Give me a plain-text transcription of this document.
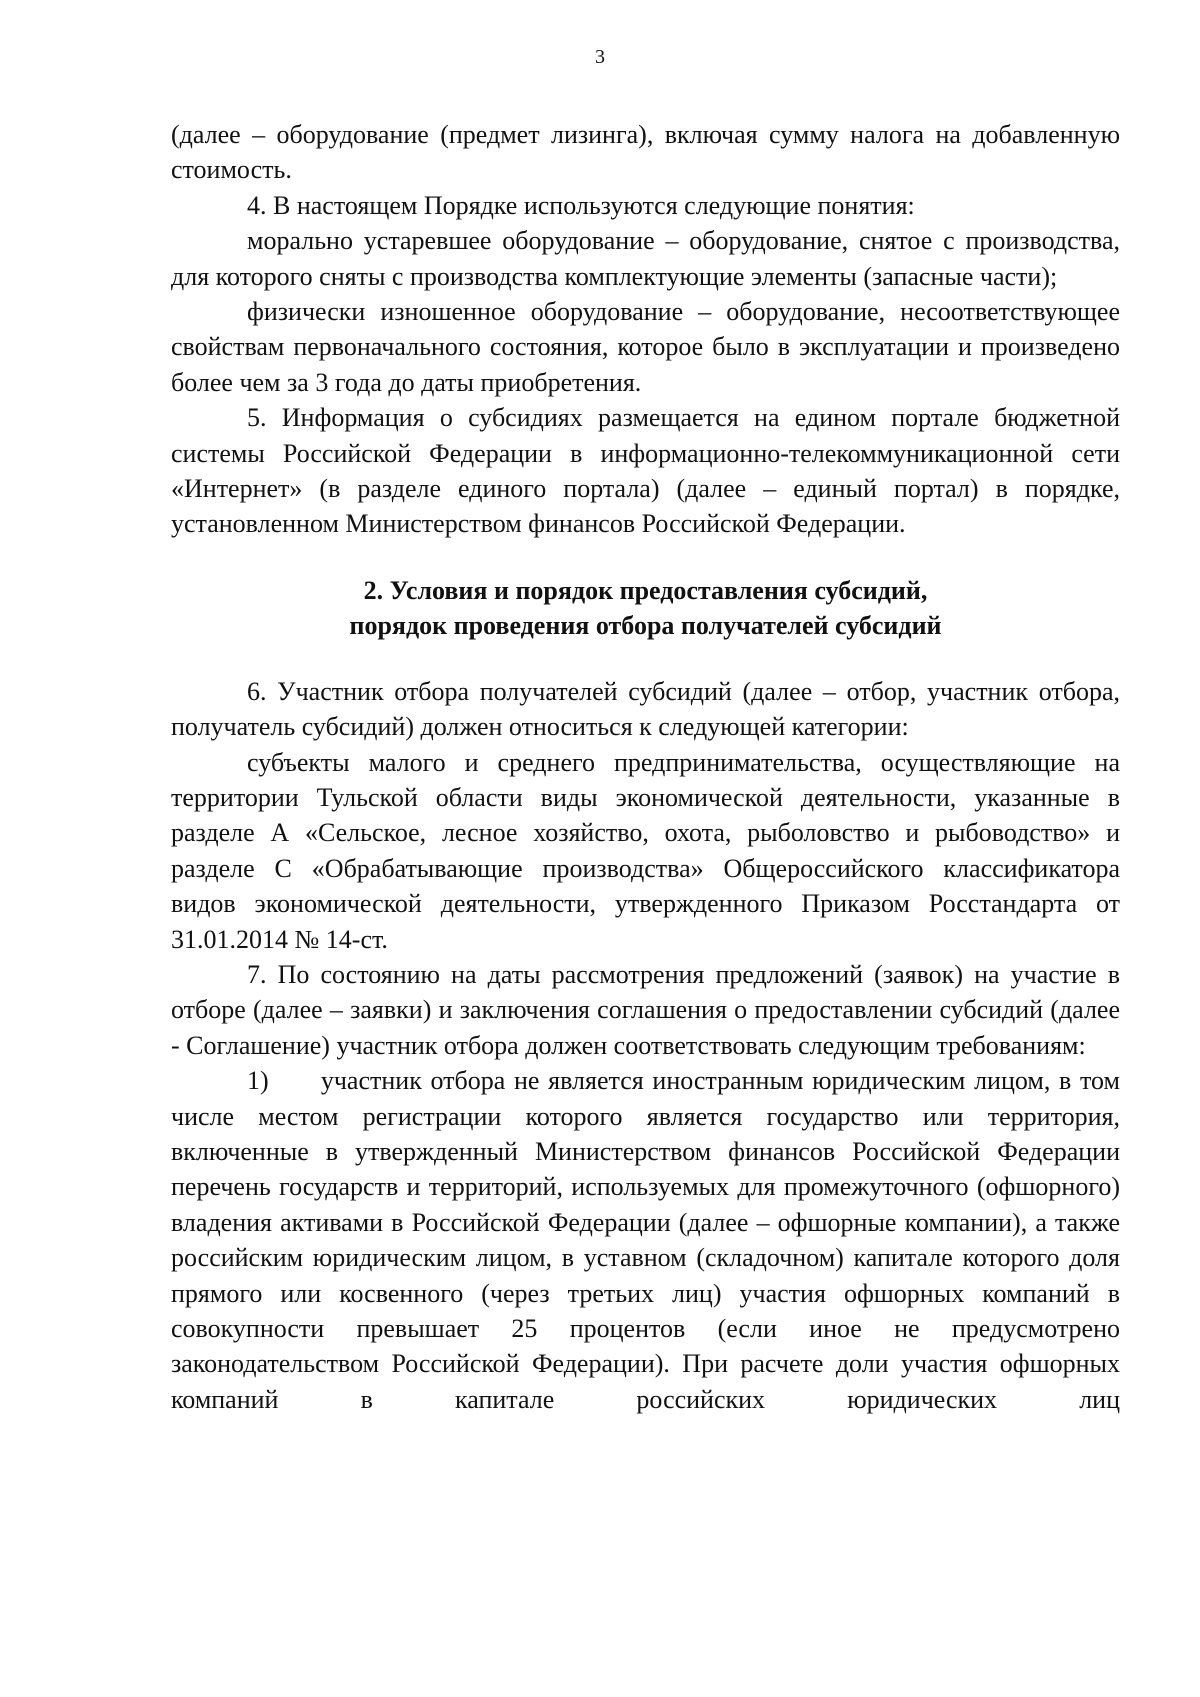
3

(далее – оборудование (предмет лизинга), включая сумму налога на добавленную стоимость.

4. В настоящем Порядке используются следующие понятия:

морально устаревшее оборудование – оборудование, снятое с производства, для которого сняты с производства комплектующие элементы (запасные части);

физически изношенное оборудование – оборудование, несоответствующее свойствам первоначального состояния, которое было в эксплуатации и произведено более чем за 3 года до даты приобретения.

5. Информация о субсидиях размещается на едином портале бюджетной системы Российской Федерации в информационно-телекоммуникационной сети «Интернет» (в разделе единого портала) (далее – единый портал) в порядке, установленном Министерством финансов Российской Федерации.

2. Условия и порядок предоставления субсидий,
порядок проведения отбора получателей субсидий

6. Участник отбора получателей субсидий (далее – отбор, участник отбора, получатель субсидий) должен относиться к следующей категории:

субъекты малого и среднего предпринимательства, осуществляющие на территории Тульской области виды экономической деятельности, указанные в разделе А «Сельское, лесное хозяйство, охота, рыболовство и рыбоводство» и разделе С «Обрабатывающие производства» Общероссийского классификатора видов экономической деятельности, утвержденного Приказом Росстандарта от 31.01.2014 № 14-ст.

7. По состоянию на даты рассмотрения предложений (заявок) на участие в отборе (далее – заявки) и заключения соглашения о предоставлении субсидий (далее - Соглашение) участник отбора должен соответствовать следующим требованиям:

1)      участник отбора не является иностранным юридическим лицом, в том числе местом регистрации которого является государство или территория, включенные в утвержденный Министерством финансов Российской Федерации перечень государств и территорий, используемых для промежуточного (офшорного) владения активами в Российской Федерации (далее – офшорные компании), а также российским юридическим лицом, в уставном (складочном) капитале которого доля прямого или косвенного (через третьих лиц) участия офшорных компаний в совокупности превышает 25 процентов (если иное не предусмотрено законодательством Российской Федерации). При расчете доли участия офшорных компаний в капитале российских юридических лиц
